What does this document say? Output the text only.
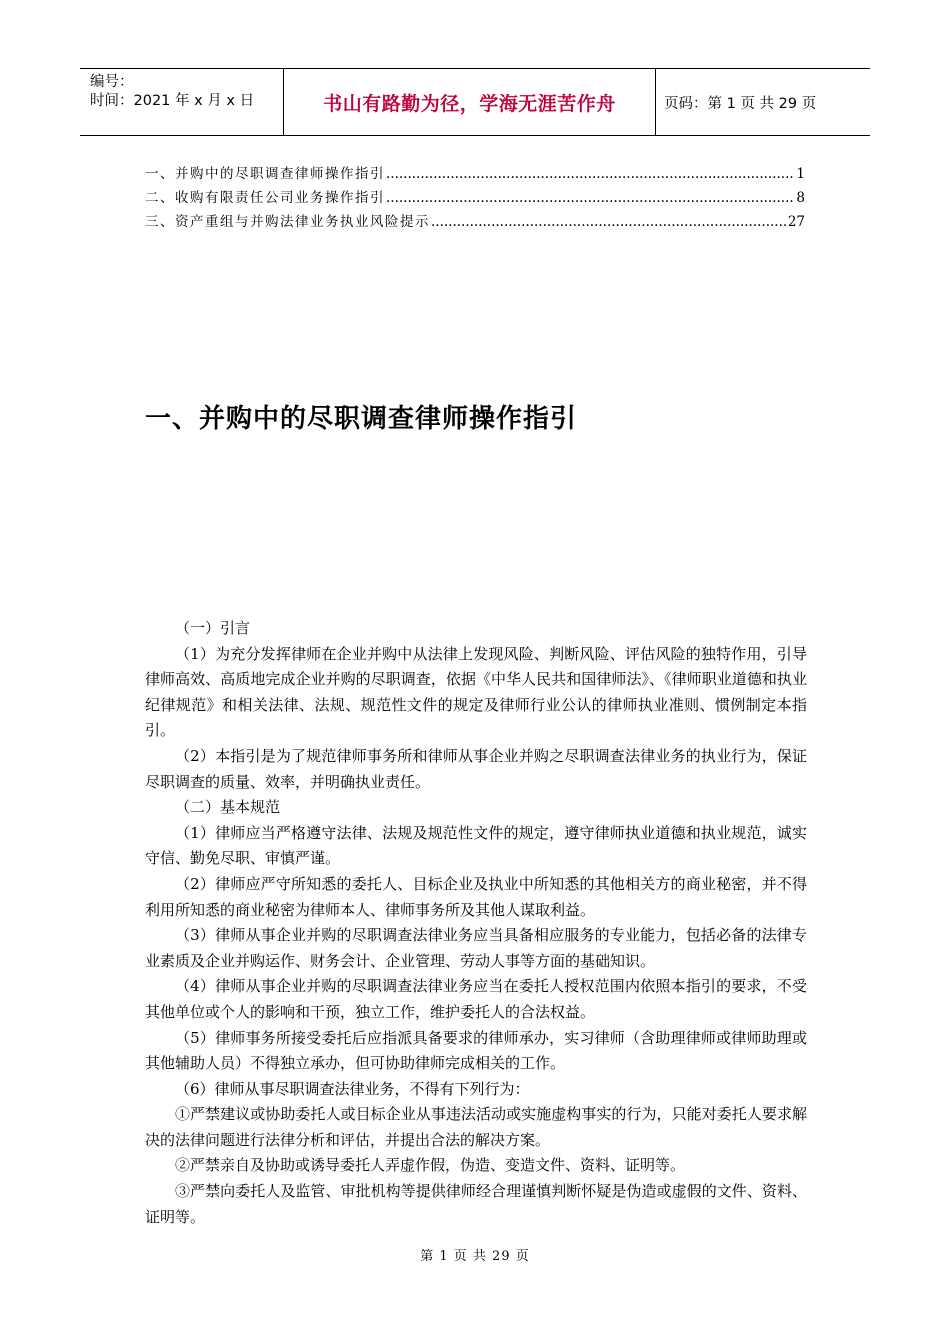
编号：
时间：2021 年 x 月 x 日	书山有路勤为径，学海无涯苦作舟	页码：第 1 页 共 29 页
一、并购中的尽职调查律师操作指引 .....	1
二、收购有限责任公司业务操作指引 .....	8
三、资产重组与并购法律业务执业风险提示 .....	27
一、并购中的尽职调查律师操作指引

（一）引言

（1）为充分发挥律师在企业并购中从法律上发现风险、判断风险、评估风险的独特作用，引导律师高效、高质地完成企业并购的尽职调查，依据《中华人民共和国律师法》、《律师职业道德和执业纪律规范》和相关法律、法规、规范性文件的规定及律师行业公认的律师执业准则、惯例制定本指引。

（2）本指引是为了规范律师事务所和律师从事企业并购之尽职调查法律业务的执业行为，保证尽职调查的质量、效率，并明确执业责任。

（二）基本规范

（1）律师应当严格遵守法律、法规及规范性文件的规定，遵守律师执业道德和执业规范，诚实守信、勤免尽职、审慎严谨。

（2）律师应严守所知悉的委托人、目标企业及执业中所知悉的其他相关方的商业秘密，并不得利用所知悉的商业秘密为律师本人、律师事务所及其他人谋取利益。

（3）律师从事企业并购的尽职调查法律业务应当具备相应服务的专业能力，包括必备的法律专业素质及企业并购运作、财务会计、企业管理、劳动人事等方面的基础知识。

（4）律师从事企业并购的尽职调查法律业务应当在委托人授权范围内依照本指引的要求，不受其他单位或个人的影响和干预，独立工作，维护委托人的合法权益。

（5）律师事务所接受委托后应指派具备要求的律师承办，实习律师（含助理律师或律师助理或其他辅助人员）不得独立承办，但可协助律师完成相关的工作。

（6）律师从事尽职调查法律业务，不得有下列行为：

①严禁建议或协助委托人或目标企业从事违法活动或实施虚构事实的行为，只能对委托人要求解决的法律问题进行法律分析和评估，并提出合法的解决方案。

②严禁亲自及协助或诱导委托人弄虚作假，伪造、变造文件、资料、证明等。

③严禁向委托人及监管、审批机构等提供律师经合理谨慎判断怀疑是伪造或虚假的文件、资料、证明等。

第 1 页 共 29 页
